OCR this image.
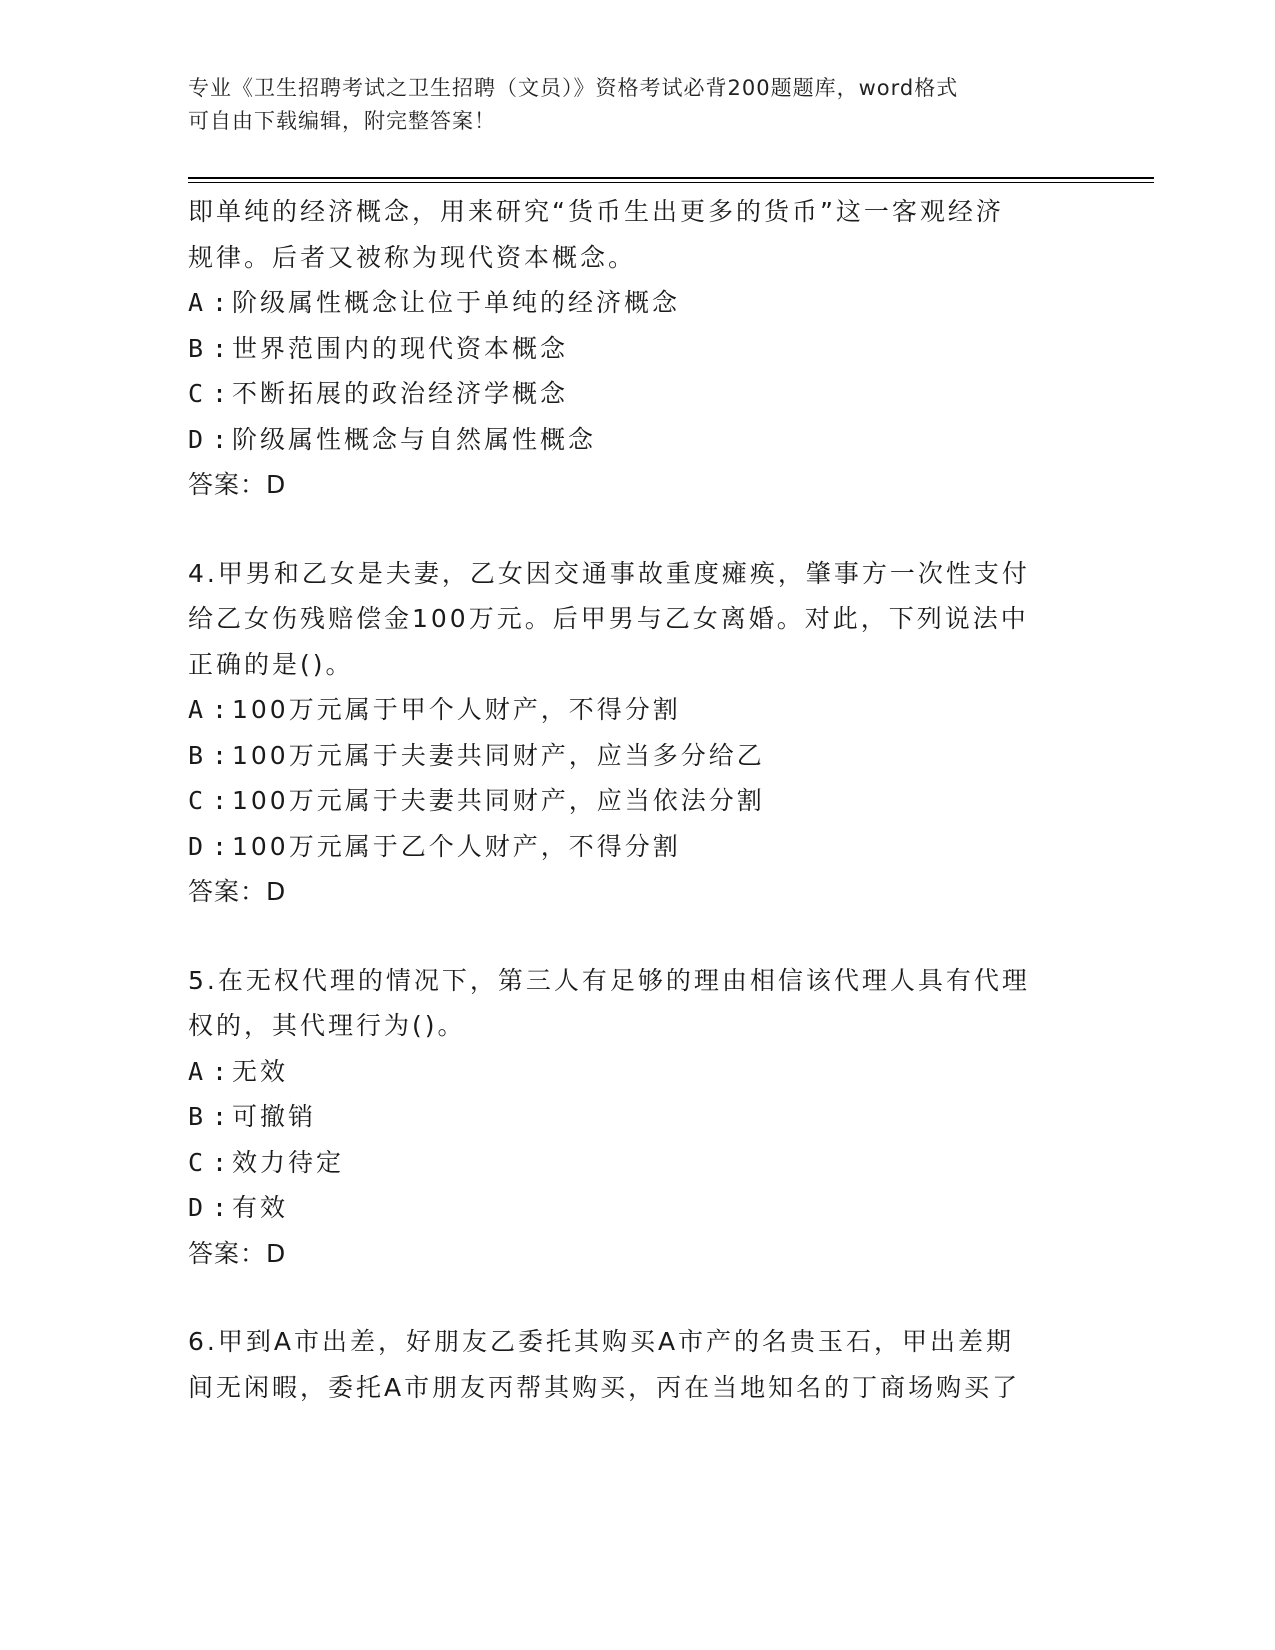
专业《卫生招聘考试之卫生招聘（文员）》资格考试必背200题题库，word格式
可自由下载编辑，附完整答案！
即单纯的经济概念，用来研究“货币生出更多的货币”这一客观经济
规律。后者又被称为现代资本概念。
A : 阶级属性概念让位于单纯的经济概念
B : 世界范围内的现代资本概念
C : 不断拓展的政治经济学概念
D : 阶级属性概念与自然属性概念
答案：D
4.甲男和乙女是夫妻，乙女因交通事故重度瘫痪，肇事方一次性支付
给乙女伤残赔偿金100万元。后甲男与乙女离婚。对此，下列说法中
正确的是()。
A : 100万元属于甲个人财产，不得分割
B : 100万元属于夫妻共同财产，应当多分给乙
C : 100万元属于夫妻共同财产，应当依法分割
D : 100万元属于乙个人财产，不得分割
答案：D
5.在无权代理的情况下，第三人有足够的理由相信该代理人具有代理
权的，其代理行为()。
A : 无效
B : 可撤销
C : 效力待定
D : 有效
答案：D
6.甲到A市出差，好朋友乙委托其购买A市产的名贵玉石，甲出差期
间无闲暇，委托A市朋友丙帮其购买，丙在当地知名的丁商场购买了
